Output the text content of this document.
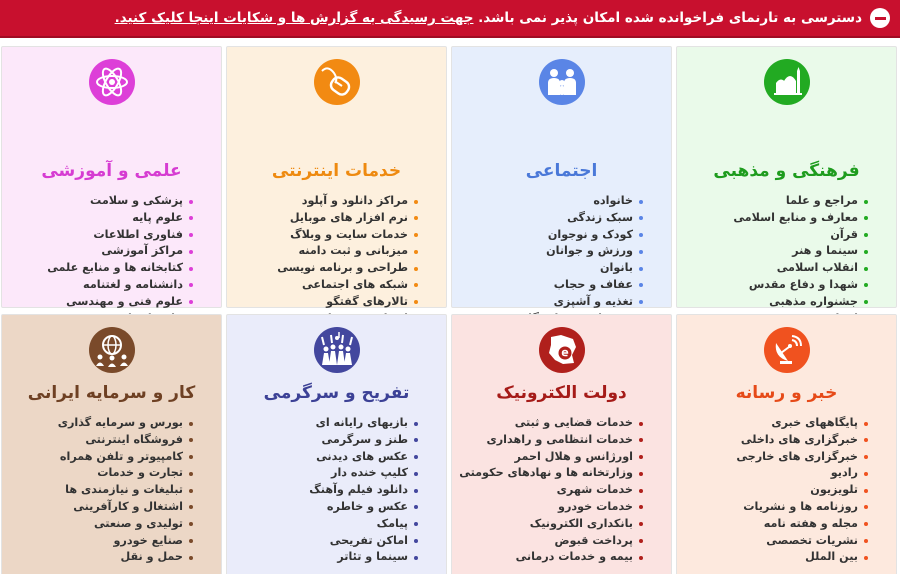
دسترسی به تارنمای فراخوانده شده امکان پذیر نمی باشد. جهت رسیدگی به گزارش ها و شکایات اینجا کلیک کنید.
فرهنگی و مذهبی
مراجع و علما
معارف و منابع اسلامی
قرآن
سینما و هنر
انقلاب اسلامی
شهدا و دفاع مقدس
جشنواره مذهبی
اجتماعی
خانواده
سبک زندگی
کودک و نوجوان
ورزش و جوانان
بانوان
عفاف و حجاب
تغذیه و آشپزی
خدمات اینترنتی
مراکز دانلود و آپلود
نرم افزار های موبایل
خدمات سایت و وبلاگ
میزبانی و ثبت دامنه
طراحی و برنامه نویسی
شبکه های اجتماعی
تالارهای گفتگو
علمی و آموزشی
پزشکی و سلامت
علوم پایه
فناوری اطلاعات
مراکز آموزشی
کتابخانه ها و منابع علمی
دانشنامه و لغتنامه
علوم فنی و مهندسی
خبر و رسانه
پایگاههای خبری
خبرگزاری های داخلی
خبرگزاری های خارجی
رادیو
تلویزیون
روزنامه ها و نشریات
مجله و هفته نامه
نشریات تخصصی
بین الملل
دولت الکترونیک
خدمات قضایی و ثبتی
خدمات انتظامی و راهداری
اورژانس و هلال احمر
وزارتخانه ها و نهادهای حکومتی
خدمات شهری
خدمات خودرو
بانکداری الکترونیک
پرداخت قبوض
بیمه و خدمات درمانی
تفریح و سرگرمی
بازیهای رایانه ای
طنز و سرگرمی
عکس های دیدنی
کلیپ خنده دار
دانلود فیلم وآهنگ
عکس و خاطره
پیامک
اماکن تفریحی
سینما و تئاتر
کار و سرمایه ایرانی
بورس و سرمایه گذاری
فروشگاه اینترنتی
کامپیوتر و تلفن همراه
تجارت و خدمات
تبلیغات و نیازمندی ها
اشتغال و کارآفرینی
تولیدی و صنعتی
صنایع خودرو
حمل و نقل
